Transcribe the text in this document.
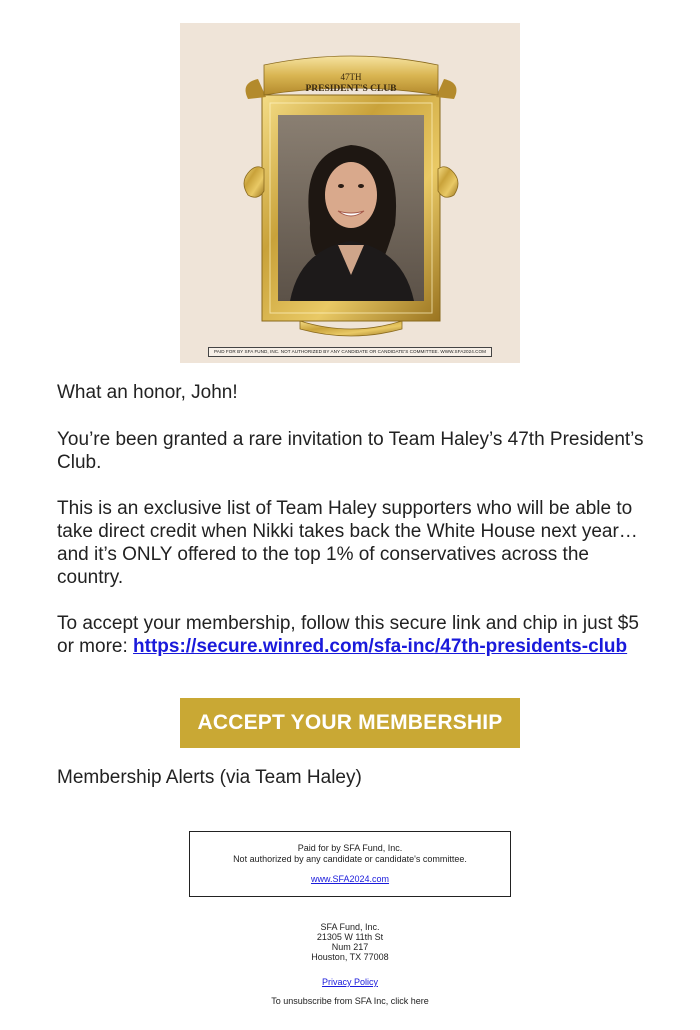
47TH
PRESIDENT'S CLUB
PAID FOR BY SFA FUND, INC. NOT AUTHORIZED BY ANY CANDIDATE OR CANDIDATE'S COMMITTEE. WWW.SFA2024.COM
What an honor, John!
You’re been granted a rare invitation to Team Haley’s 47th President’s Club.
This is an exclusive list of Team Haley supporters who will be able to take direct credit when Nikki takes back the White House next year… and it’s ONLY offered to the top 1% of conservatives across the country.
To accept your membership, follow this secure link and chip in just $5 or more: https://secure.winred.com/sfa-inc/47th-presidents-club
ACCEPT YOUR MEMBERSHIP
Membership Alerts (via Team Haley)
Paid for by SFA Fund, Inc.
Not authorized by any candidate or candidate's committee.
www.SFA2024.com
SFA Fund, Inc.
21305 W 11th St
Num 217
Houston, TX 77008
Privacy Policy
To unsubscribe from SFA Inc, click here
